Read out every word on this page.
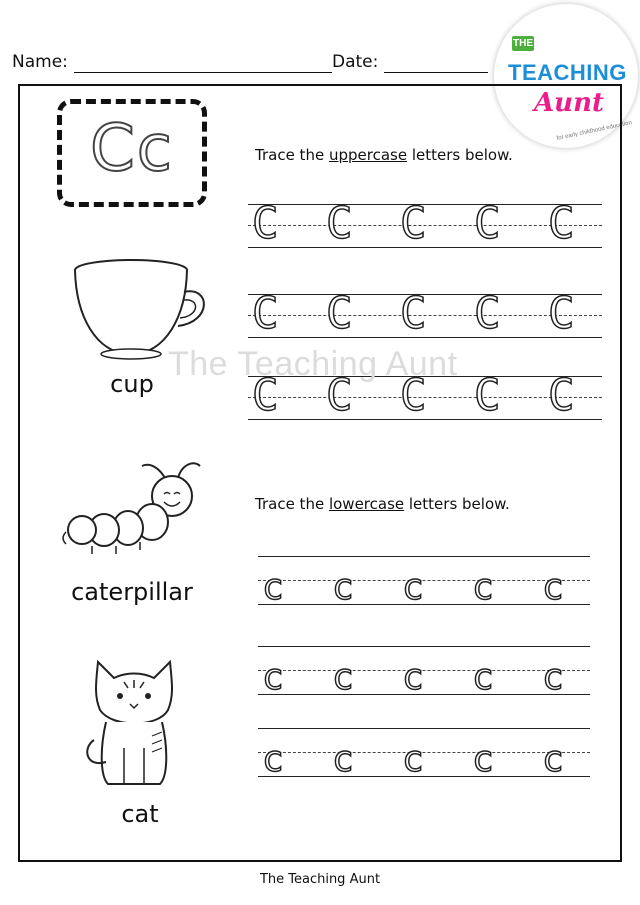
Name:	Date:
THE
TEACHING
Aunt
for early childhood education
Cc	Trace the uppercase letters below.
C C C C C
C C C C C
C C C C C
The Teaching Aunt
Trace the lowercase letters below.
c c c c c
c c c c c
c c c c c
cup
caterpillar
cat
The Teaching Aunt
